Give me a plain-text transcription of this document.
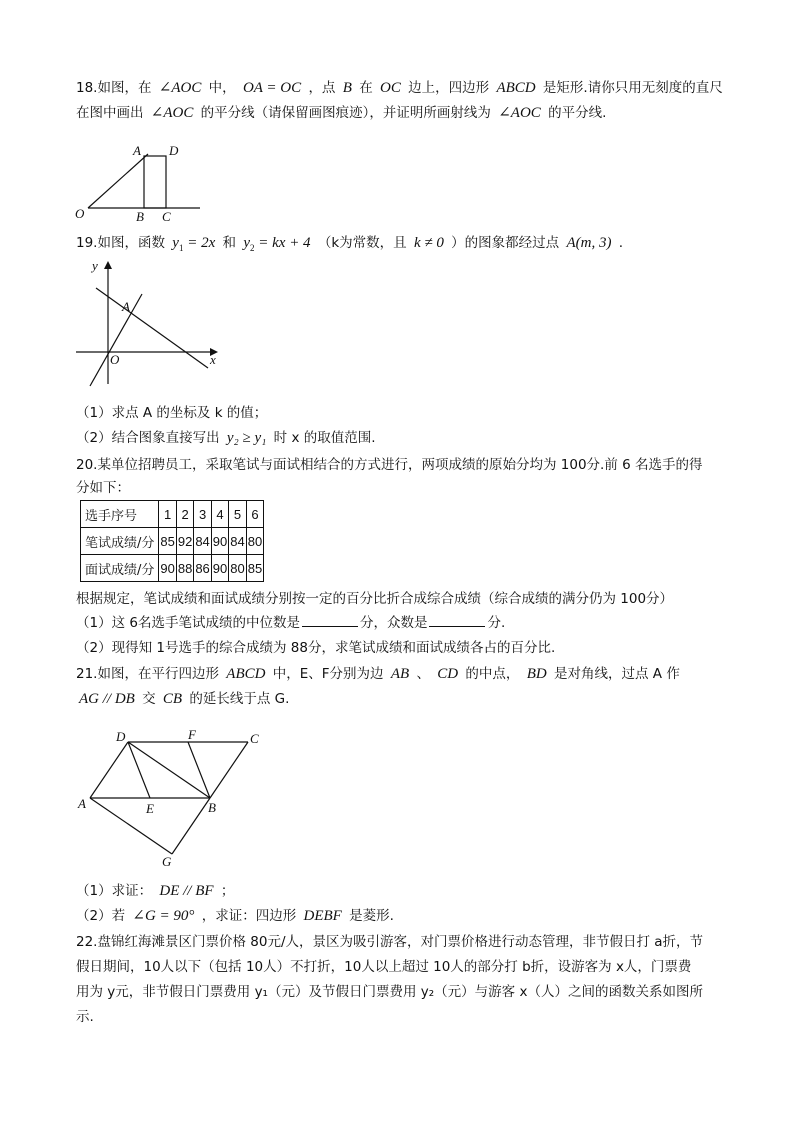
18.如图，在 ∠AOC 中， OA = OC ，点 B 在 OC 边上，四边形 ABCD 是矩形.请你只用无刻度的直尺
在图中画出 ∠AOC 的平分线（请保留画图痕迹），并证明所画射线为 ∠AOC 的平分线.
A D
O	B C
19.如图，函数 $y_1 = 2x$ 和 $y_2$ = kx + 4 （k为常数，且 k ≠ 0 ）的图象都经过点 A(m, 3) .
y
x
O
A
（1）求点 A 的坐标及 k 的值；
（2）结合图象直接写出 y₂ ≥ y₁ 时 x 的取值范围.
20.某单位招聘员工，采取笔试与面试相结合的方式进行，两项成绩的原始分均为 100分.前 6 名选手的得
分如下：
选手序号	1	2	3	4	5	6
笔试成绩/分	85	92	84	90	84	80
面试成绩/分	90	88	86	90	80	85
根据规定，笔试成绩和面试成绩分别按一定的百分比折合成综合成绩（综合成绩的满分仍为 100分）
（1）这 6名选手笔试成绩的中位数是	分，众数是	分.
（2）现得知 1号选手的综合成绩为 88分，求笔试成绩和面试成绩各占的百分比.
21.如图，在平行四边形 ABCD 中，E、F分别为边 AB 、 CD 的中点， BD 是对角线，过点 A 作
AG // DB 交 CB 的延长线于点 G.
D	F	C
A	E	B
G
（1）求证： DE // BF ；
（2）若 ∠G = 90° ，求证：四边形 DEBF 是菱形.
22.盘锦红海滩景区门票价格 80元/人，景区为吸引游客，对门票价格进行动态管理，非节假日打 a折，节
假日期间，10人以下（包括 10人）不打折，10人以上超过 10人的部分打 b折，设游客为 x人，门票费
用为 y元，非节假日门票费用 y₁（元）及节假日门票费用 y₂（元）与游客 x（人）之间的函数关系如图所
示.
